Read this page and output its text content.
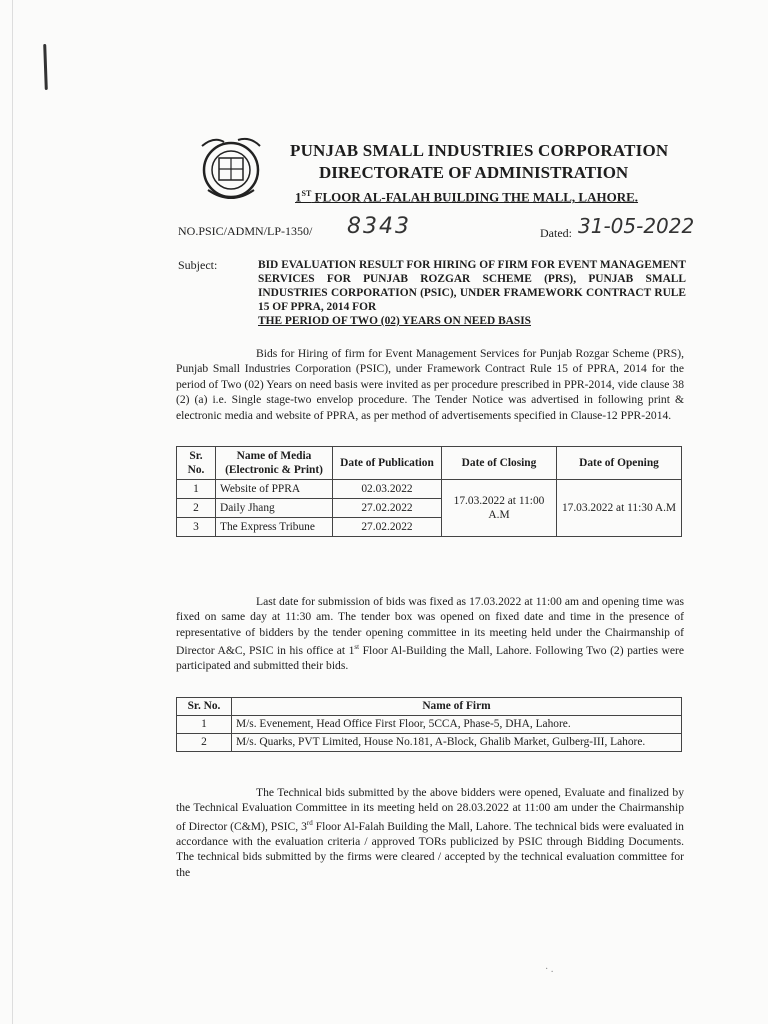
PUNJAB SMALL INDUSTRIES CORPORATION
DIRECTORATE OF ADMINISTRATION
1ST FLOOR AL-FALAH BUILDING THE MALL, LAHORE.
NO.PSIC/ADMN/LP-1350/ 8343	Dated: 31-05-2022
Subject:	BID EVALUATION RESULT FOR HIRING OF FIRM FOR EVENT MANAGEMENT SERVICES FOR PUNJAB ROZGAR SCHEME (PRS), PUNJAB SMALL INDUSTRIES CORPORATION (PSIC), UNDER FRAMEWORK CONTRACT RULE 15 OF PPRA, 2014 FOR
THE PERIOD OF TWO (02) YEARS ON NEED BASIS
Bids for Hiring of firm for Event Management Services for Punjab Rozgar Scheme (PRS), Punjab Small Industries Corporation (PSIC), under Framework Contract Rule 15 of PPRA, 2014 for the period of Two (02) Years on need basis were invited as per procedure prescribed in PPR-2014, vide clause 38 (2) (a) i.e. Single stage-two envelop procedure. The Tender Notice was advertised in following print & electronic media and website of PPRA, as per method of advertisements specified in Clause-12 PPR-2014.
Sr. No.	Name of Media (Electronic & Print)	Date of Publication	Date of Closing	Date of Opening
1	Website of PPRA	02.03.2022	17.03.2022 at 11:00 A.M	17.03.2022 at 11:30 A.M
2	Daily Jhang	27.02.2022		
3	The Express Tribune	27.02.2022		
Last date for submission of bids was fixed as 17.03.2022 at 11:00 am and opening time was fixed on same day at 11:30 am. The tender box was opened on fixed date and time in the presence of representative of bidders by the tender opening committee in its meeting held under the Chairmanship of Director A&C, PSIC in his office at 1st Floor Al-Building the Mall, Lahore. Following Two (2) parties were participated and submitted their bids.
Sr. No.	Name of Firm
1	M/s. Evenement, Head Office First Floor, 5CCA, Phase-5, DHA, Lahore.
2	M/s. Quarks, PVT Limited, House No.181, A-Block, Ghalib Market, Gulberg-III, Lahore.
The Technical bids submitted by the above bidders were opened, Evaluate and finalized by the Technical Evaluation Committee in its meeting held on 28.03.2022 at 11:00 am under the Chairmanship of Director (C&M), PSIC, 3rd Floor Al-Falah Building the Mall, Lahore. The technical bids were evaluated in accordance with the evaluation criteria / approved TORs publicized by PSIC through Bidding Documents. The technical bids submitted by the firms were cleared / accepted by the technical evaluation committee for the
· .
